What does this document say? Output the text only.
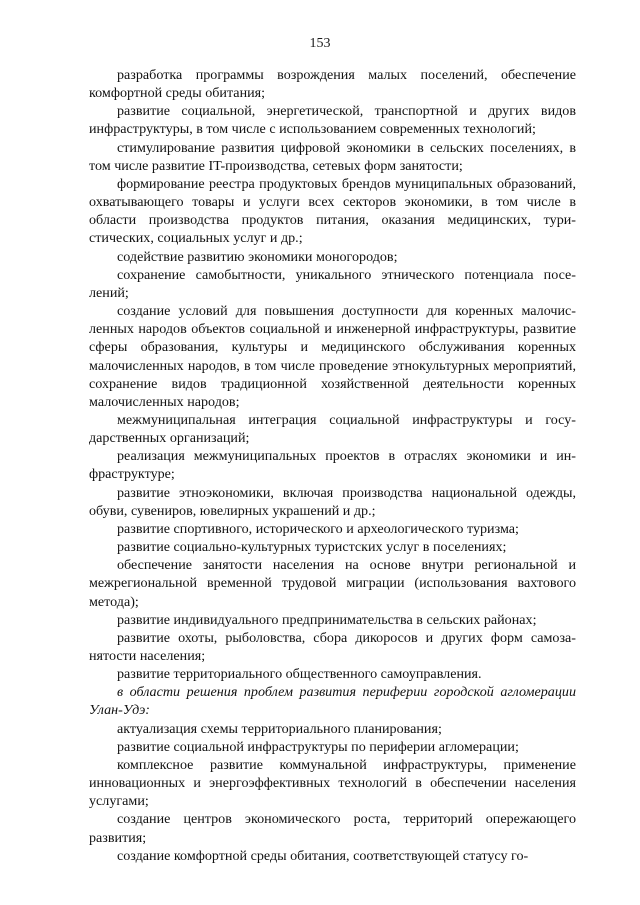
153

разработка программы возрождения малых поселений, обеспечение комфортной среды обитания;

развитие социальной, энергетической, транспортной и других видов инфраструктуры, в том числе с использованием современных технологий;

стимулирование развития цифровой экономики в сельских поселениях, в том числе развитие IT-производства, сетевых форм занятости;

формирование реестра продуктовых брендов муниципальных образований, охватывающего товары и услуги всех секторов экономики, в том числе в области производства продуктов питания, оказания медицинских, туристических, социальных услуг и др.;

содействие развитию экономики моногородов;

сохранение самобытности, уникального этнического потенциала поселений;

создание условий для повышения доступности для коренных малочисленных народов объектов социальной и инженерной инфраструктуры, развитие сферы образования, культуры и медицинского обслуживания коренных малочисленных народов, в том числе проведение этнокультурных мероприятий, сохранение видов традиционной хозяйственной деятельности коренных малочисленных народов;

межмуниципальная интеграция социальной инфраструктуры и государственных организаций;

реализация межмуниципальных проектов в отраслях экономики и инфраструктуре;

развитие этноэкономики, включая производства национальной одежды, обуви, сувениров, ювелирных украшений и др.;

развитие спортивного, исторического и археологического туризма;

развитие социально-культурных туристских услуг в поселениях;

обеспечение занятости населения на основе внутри региональной и межрегиональной временной трудовой миграции (использования вахтового метода);

развитие индивидуального предпринимательства в сельских районах;

развитие охоты, рыболовства, сбора дикоросов и других форм самозанятости населения;

развитие территориального общественного самоуправления.

в области решения проблем развития периферии городской агломерации Улан-Удэ:

актуализация схемы территориального планирования;

развитие социальной инфраструктуры по периферии агломерации;

комплексное развитие коммунальной инфраструктуры, применение инновационных и энергоэффективных технологий в обеспечении населения услугами;

создание центров экономического роста, территорий опережающего развития;

создание комфортной среды обитания, соответствующей статусу го-
